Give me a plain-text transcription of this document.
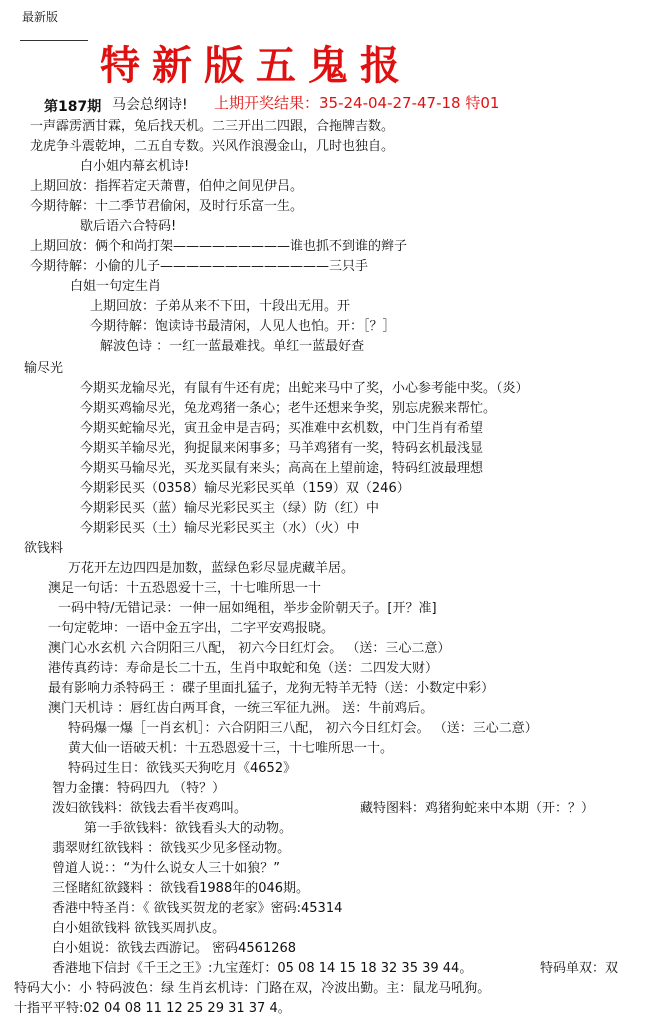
最新版
特新版五鬼报
第187期 马会总纲诗! 上期开奖结果：35-24-04-27-47-18 特01
一声霹雳洒甘霖，兔后找天机。二三开出二四跟，合拖牌吉数。
龙虎争斗震乾坤，二五自专数。兴风作浪漫金山，几时也独自。
白小姐内幕玄机诗!
上期回放：指挥若定天萧曹，伯仲之间见伊吕。
今期待解：十二季节君偷闲，及时行乐富一生。
歇后语六合特码!
上期回放：俩个和尚打架—————————谁也抓不到谁的辫子
今期待解：小偷的儿子—————————————三只手
白姐一句定生肖
上期回放：子弟从来不下田，十段出无用。开
今期待解：饱读诗书最清闲，人见人也怕。开：［？］
解波色诗 ：一红一蓝最难找。单红一蓝最好查
输尽光
今期买龙输尽光，有鼠有牛还有虎；出蛇来马中了奖，小心参考能中奖。（炎）
今期买鸡输尽光，兔龙鸡猪一条心；老牛还想来争奖，别忘虎猴来帮忙。
今期买蛇输尽光，寅丑金申是吉码；买准难中玄机数，中门生肖有希望
今期买羊输尽光，狗捉鼠来闲事多；马羊鸡猪有一奖，特码玄机最浅显
今期买马输尽光，买龙买鼠有来头；高高在上望前途，特码红波最理想
今期彩民买（0358）输尽光彩民买单（159）双（246）
今期彩民买（蓝）输尽光彩民买主（绿）防（红）中
今期彩民买（土）输尽光彩民买主（水）（火）中
欲钱料
万花开左边四四是加数，蓝绿色彩尽显虎藏羊居。
澳足一句话：十五恐恩爱十三，十七唯所思一十
一码中特/无错记录：一伸一屈如绳租，举步金阶朝天子。[开？准]
一句定乾坤：一语中金五字出，二字平安鸡报晓。
澳门心水玄机 六合阴阳三八配， 初六今日红灯会。 （送：三心二意）
港传真药诗：寿命是长二十五，生肖中取蛇和兔（送：二四发大财）
最有影响力杀特码王 ：碟子里面扎猛子，龙狗无特羊无特（送：小数定中彩）
澳门天机诗 ：唇红齿白两耳食，一统三军征九洲。 送：牛前鸡后。
特码爆一爆［一肖玄机］：六合阴阳三八配， 初六今日红灯会。 （送：三心二意）
黄大仙一语破天机：十五恐恩爱十三，十七唯所思一十。
特码过生日：欲钱买天狗吃月《4652》
智力金攘：特码四九 （特？）
泼妇欲钱料：欲钱去看半夜鸡叫。	藏特图料：鸡猪狗蛇来中本期（开：？）
第一手欲钱料：欲钱看头大的动物。
翡翠财红欲钱料 ：欲钱买少见多怪动物。
曾道人说：：“为什么说女人三十如狼？”
三怪睹紅欲錢料 ：欲钱看1988年的046期。
香港中特圣肖：《 欲钱买贺龙的老家》密码:45314
白小姐欲钱料 欲钱买周扒皮。
白小姐说：欲钱去西游记。 密码4561268
香港地下信封《千王之王》:九宝莲灯：05 08 14 15 18 32 35 39 44。	特码单双：双
特码大小：小 特码波色：绿 生肖玄机诗：门路在双，冷波出勤。主：鼠龙马吼狗。
十指平平特:02 04 08 11 12 25 29 31 37 4。
